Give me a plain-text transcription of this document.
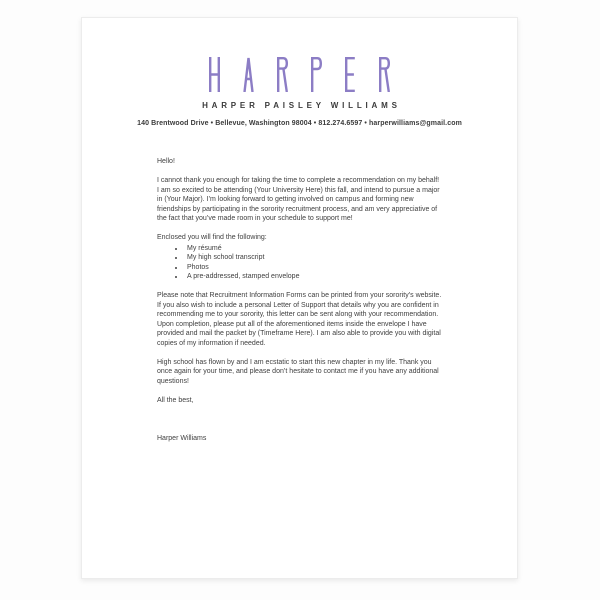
HARPER PAISLEY WILLIAMS
140 Brentwood Drive • Bellevue, Washington 98004 • 812.274.6597 • harperwilliams@gmail.com

Hello!

I cannot thank you enough for taking the time to complete a recommendation on my behalf! I am so excited to be attending (Your University Here) this fall, and intend to pursue a major in (Your Major). I’m looking forward to getting involved on campus and forming new friendships by participating in the sorority recruitment process, and am very appreciative of the fact that you’ve made room in your schedule to support me!

Enclosed you will find the following:

• My résumé
• My high school transcript
• Photos
• A pre-addressed, stamped envelope

Please note that Recruitment Information Forms can be printed from your sorority’s website. If you also wish to include a personal Letter of Support that details why you are confident in recommending me to your sorority, this letter can be sent along with your recommendation. Upon completion, please put all of the aforementioned items inside the envelope I have provided and mail the packet by (Timeframe Here). I am also able to provide you with digital copies of my information if needed.

High school has flown by and I am ecstatic to start this new chapter in my life. Thank you once again for your time, and please don’t hesitate to contact me if you have any additional questions!

All the best,

Harper Williams
